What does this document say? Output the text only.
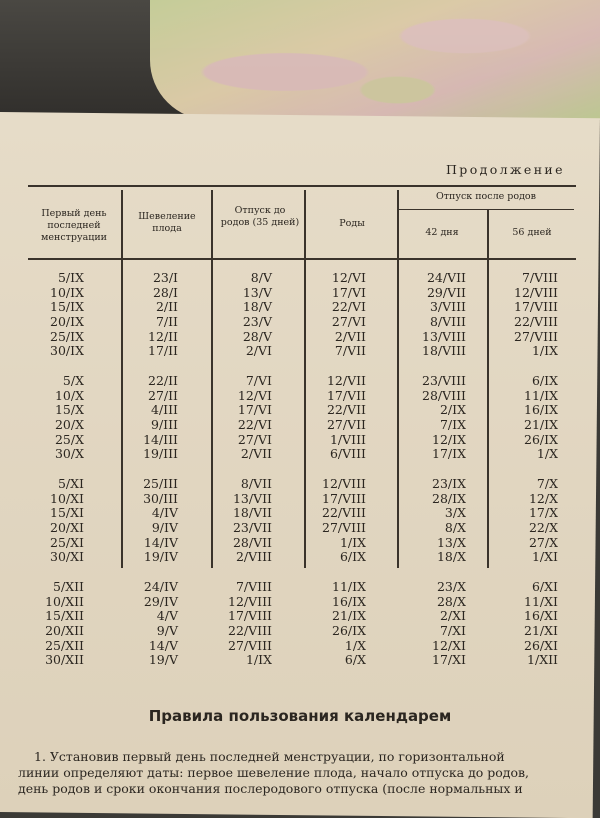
Продолжение
Первый день последней менструации
Шевеление плода
Отпуск до родов (35 дней)	Роды
Отпуск после родов
42 дня	56 дней
5/IX
10/IX
15/IX
20/IX
25/IX
30/IX
23/I
28/I
2/II
7/II
12/II
17/II
8/V
13/V
18/V
23/V
28/V
2/VI
12/VI
17/VI
22/VI
27/VI
2/VII
7/VII
24/VII
29/VII
3/VIII
8/VIII
13/VIII
18/VIII
7/VIII
12/VIII
17/VIII
22/VIII
27/VIII
1/IX
5/X
10/X
15/X
20/X
25/X
30/X
22/II
27/II
4/III
9/III
14/III
19/III
7/VI
12/VI
17/VI
22/VI
27/VI
2/VII
12/VII
17/VII
22/VII
27/VII
1/VIII
6/VIII
23/VIII
28/VIII
2/IX
7/IX
12/IX
17/IX
6/IX
11/IX
16/IX
21/IX
26/IX
1/X
5/XI
10/XI
15/XI
20/XI
25/XI
30/XI
25/III
30/III
4/IV
9/IV
14/IV
19/IV
8/VII
13/VII
18/VII
23/VII
28/VII
2/VIII
12/VIII
17/VIII
22/VIII
27/VIII
1/IX
6/IX
23/IX
28/IX
3/X
8/X
13/X
18/X
7/X
12/X
17/X
22/X
27/X
1/XI
5/XII
10/XII
15/XII
20/XII
25/XII
30/XII
24/IV
29/IV
4/V
9/V
14/V
19/V
7/VIII
12/VIII
17/VIII
22/VIII
27/VIII
1/IX
11/IX
16/IX
21/IX
26/IX
1/X
6/X
23/X
28/X
2/XI
7/XI
12/XI
17/XI
6/XI
11/XI
16/XI
21/XI
26/XI
1/XII
Правила пользования календарем
1. Установив первый день последней менструации, по горизонтальной
линии определяют даты: первое шевеление плода, начало отпуска до родов,
день родов и сроки окончания послеродового отпуска (после нормальных и
